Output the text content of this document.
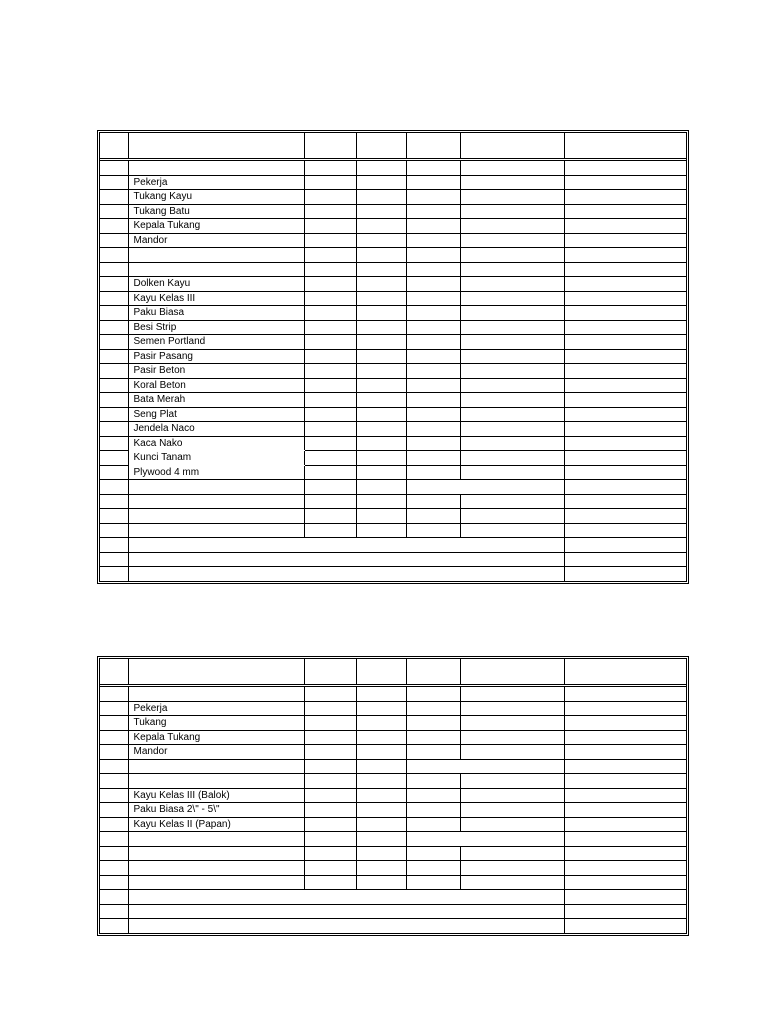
	Pekerja					
	Tukang Kayu					
	Tukang Batu					
	Kepala Tukang					
	Mandor					

	Dolken Kayu					
	Kayu Kelas III					
	Paku Biasa					
	Besi Strip					
	Semen Portland					
	Pasir Pasang					
	Pasir Beton					
	Koral Beton					
	Bata Merah					
	Seng Plat					
	Jendela Naco					
	Kaca Nako					
	Kunci Tanam					
	Plywood 4 mm					

	Pekerja					
	Tukang					
	Kepala Tukang					
	Mandor					

	Kayu Kelas III (Balok)					
	Paku Biasa 2\" - 5\"					
	Kayu Kelas II (Papan)					
